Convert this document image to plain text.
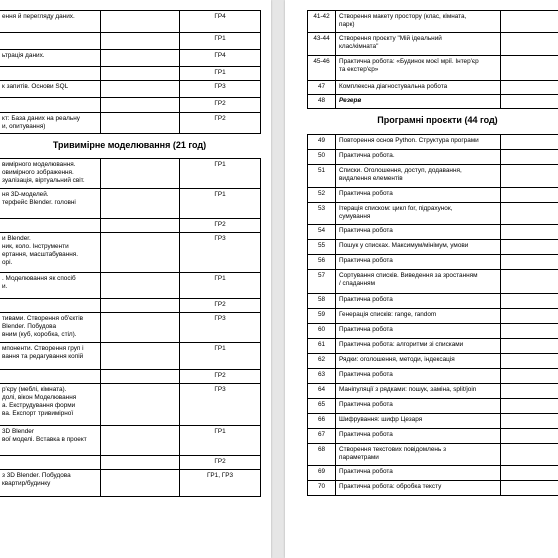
ення й перегляду даних.		ГР4
		ГР1
ьтрація даних.		ГР4
		ГР1
к запитів. Основи SQL		ГР3
		ГР2
кт: База даних на реальну
и, опитування)		ГР2
Тривимірне моделювання (21 год)		
вимірного моделювання.
овимірного зображення.
зуалізація, віртуальний світ.		ГР1
ня 3D-моделей.
терфейс Blender. головні		ГР1
		ГР2
и Blender.
ник, коло. Інструменти
ертання, масштабування.
орі.		ГР3
. Моделювання як спосіб
и.		ГР1
		ГР2
тивами. Створення об'єктів
Blender. Побудова
вним (куб, коробка, стіл).		ГР3
мпоненти. Створення груп і
вання та редагування копій		ГР1
		ГР2
р'єру (меблі, кімната).
долі, вікон Моделювання
а. Екструдування форми
ва. Експорт тривимірної		ГР3
3D Blender
вої моделі. Вставка в проект		ГР1
		ГР2
з 3D Blender. Побудова
квартир/будинку		ГР1, ГР3
41-42	Створення макету простору (клас, кімната,
парк)	
43-44	Створення проєкту "Мій ідеальний
клас/кімната"	
45-46	Практична робота: «Будинок моєї мрії. Інтер'єр
та екстер'єр»	
47	Комплексна діагностувальна робота	
48	Резерв	
Програмні проєкти (44 год)		
49	Повторення основ Python. Структура програми	
50	Практична робота.	
51	Списки. Оголошення, доступ, додавання,
видалення елементів	
52	Практична робота	
53	Ітерація списком: цикл for, підрахунок,
сумування	
54	Практична робота	
55	Пошук у списках. Максимум/мінімум, умови	
56	Практична робота	
57	Сортування списків. Виведення за зростанням
/ спаданням	
58	Практична робота	
59	Генерація списків: range, random	
60	Практична робота	
61	Практична робота: алгоритми зі списками	
62	Рядки: оголошення, методи, індексація	
63	Практична робота	
64	Маніпуляції з рядками: пошук, заміна, split/join	
65	Практична робота	
66	Шифрування: шифр Цезаря	
67	Практична робота	
68	Створення текстових повідомлень з
параметрами	
69	Практична робота	
70	Практична робота: обробка тексту	
